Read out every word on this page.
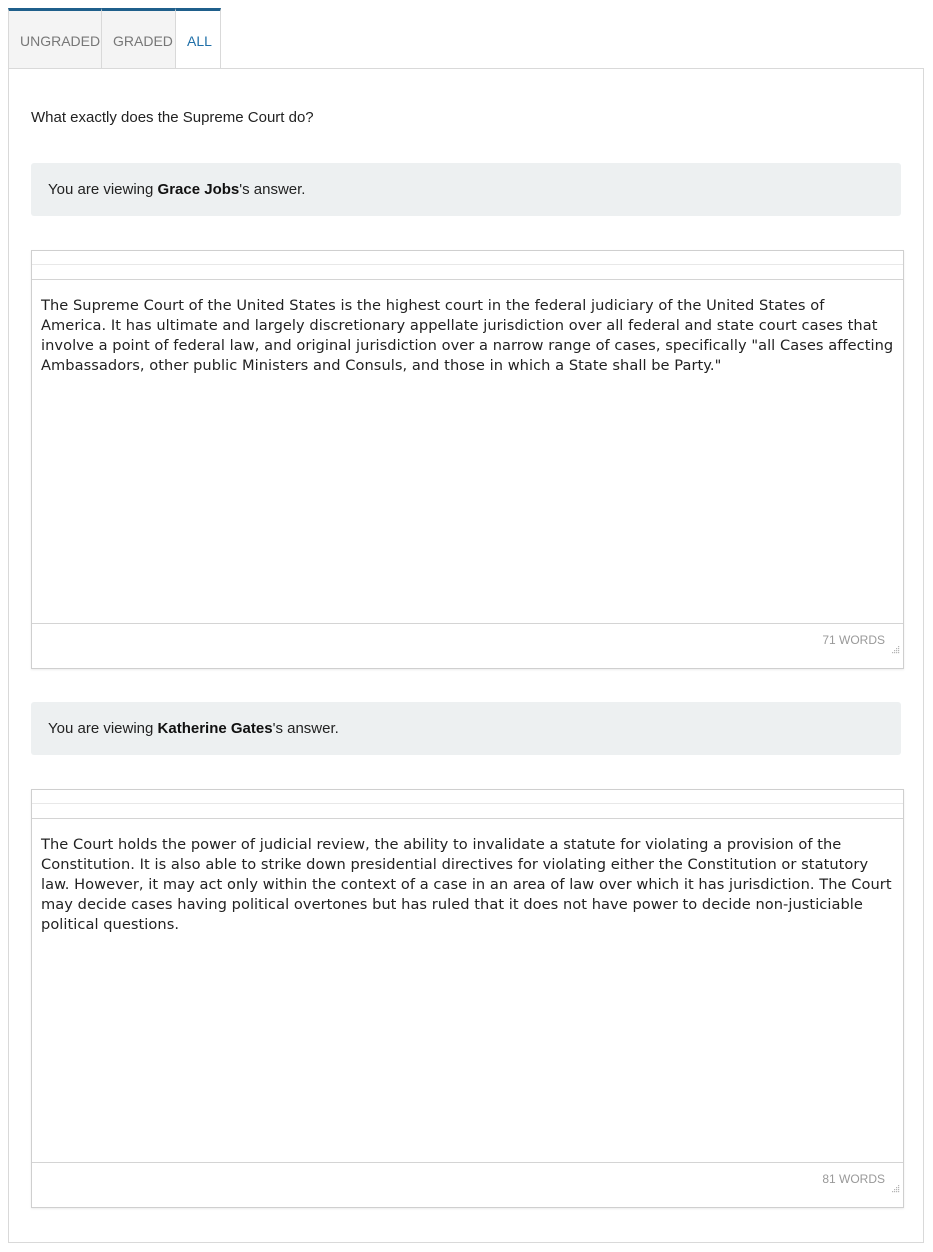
UNGRADED GRADED	ALL
What exactly does the Supreme Court do?
You are viewing Grace Jobs's answer.
The Supreme Court of the United States is the highest court in the federal judiciary of the United States of America. It has ultimate and largely discretionary appellate jurisdiction over all federal and state court cases that involve a point of federal law, and original jurisdiction over a narrow range of cases, specifically "all Cases affecting Ambassadors, other public Ministers and Consuls, and those in which a State shall be Party."
71 WORDS
You are viewing Katherine Gates's answer.
The Court holds the power of judicial review, the ability to invalidate a statute for violating a provision of the Constitution. It is also able to strike down presidential directives for violating either the Constitution or statutory law. However, it may act only within the context of a case in an area of law over which it has jurisdiction. The Court may decide cases having political overtones but has ruled that it does not have power to decide non-justiciable political questions.
81 WORDS
